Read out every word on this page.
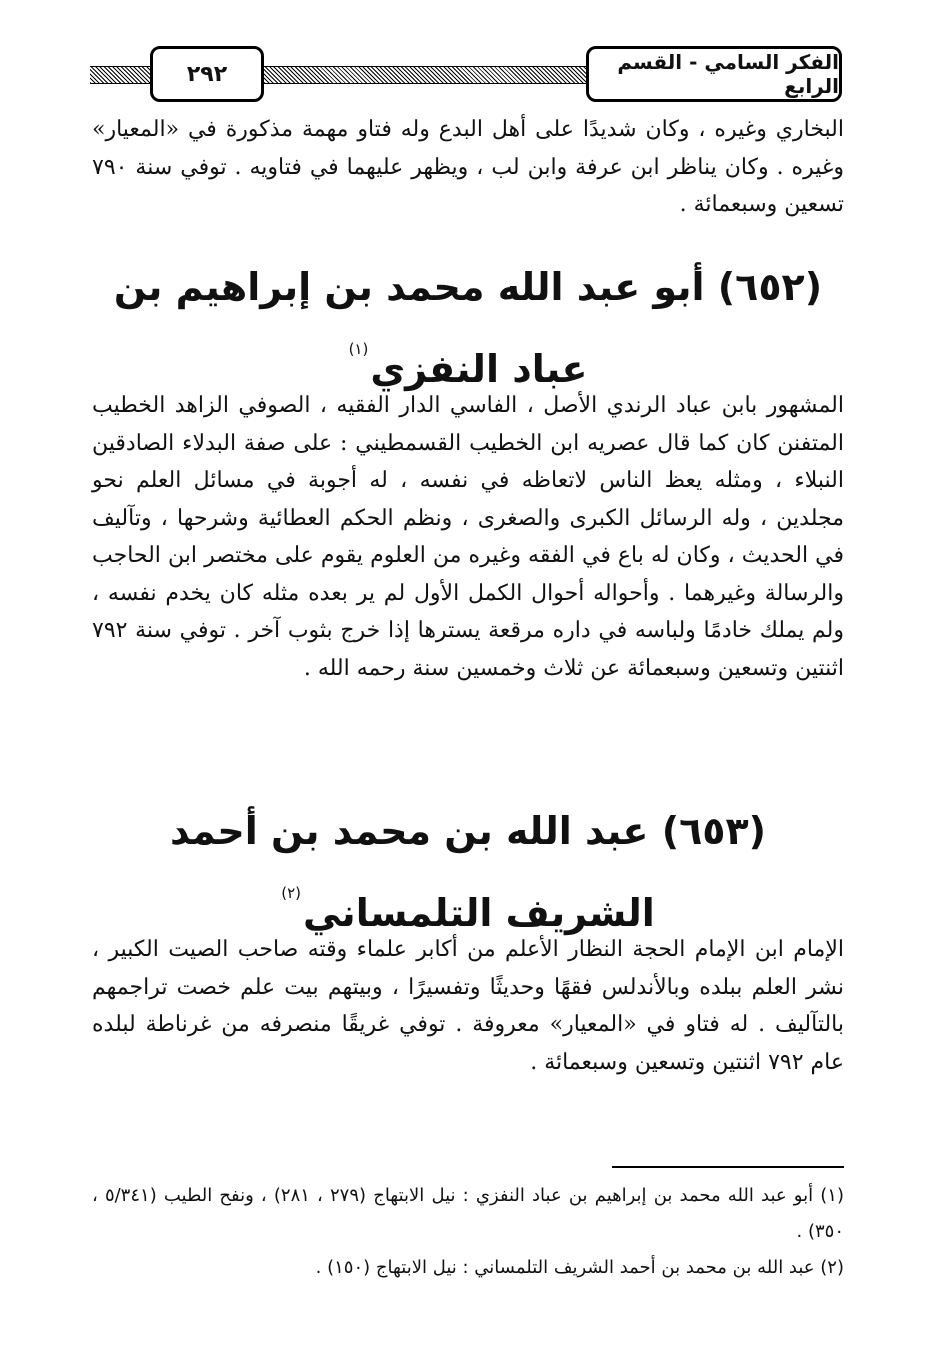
الفكر السامي - القسم الرابع
٢٩٢

البخاري وغيره ، وكان شديدًا على أهل البدع وله فتاو مهمة مذكورة في «المعيار» وغيره . وكان يناظر ابن عرفة وابن لب ، ويظهر عليهما في فتاويه . توفي سنة ٧٩٠ تسعين وسبعمائة .

(٦٥٢) أبو عبد الله محمد بن إبراهيم بن عباد النفزي$^{(١)}$

المشهور بابن عباد الرندي الأصل ، الفاسي الدار الفقيه ، الصوفي الزاهد الخطيب المتفنن كان كما قال عصريه ابن الخطيب القسمطيني : على صفة البدلاء الصادقين النبلاء ، ومثله يعظ الناس لاتعاظه في نفسه ، له أجوبة في مسائل العلم نحو مجلدين ، وله الرسائل الكبرى والصغرى ، ونظم الحكم العطائية وشرحها ، وتآليف في الحديث ، وكان له باع في الفقه وغيره من العلوم يقوم على مختصر ابن الحاجب والرسالة وغيرهما . وأحواله أحوال الكمل الأول لم ير بعده مثله كان يخدم نفسه ، ولم يملك خادمًا ولباسه في داره مرقعة يسترها إذا خرج بثوب آخر . توفي سنة ٧٩٢ اثنتين وتسعين وسبعمائة عن ثلاث وخمسين سنة رحمه الله .

(٦٥٣) عبد الله بن محمد بن أحمد الشريف التلمساني$^{(٢)}$

الإمام ابن الإمام الحجة النظار الأعلم من أكابر علماء وقته صاحب الصيت الكبير ، نشر العلم ببلده وبالأندلس فقهًا وحديثًا وتفسيرًا ، وبيتهم بيت علم خصت تراجمهم بالتآليف . له فتاو في «المعيار» معروفة . توفي غريقًا منصرفه من غرناطة لبلده عام ٧٩٢ اثنتين وتسعين وسبعمائة .

(١) أبو عبد الله محمد بن إبراهيم بن عباد النفزي : نيل الابتهاج (٢٧٩ ، ٢٨١) ، ونفح الطيب (٥/٣٤١ ، ٣٥٠) .

(٢) عبد الله بن محمد بن أحمد الشريف التلمساني : نيل الابتهاج (١٥٠) .
